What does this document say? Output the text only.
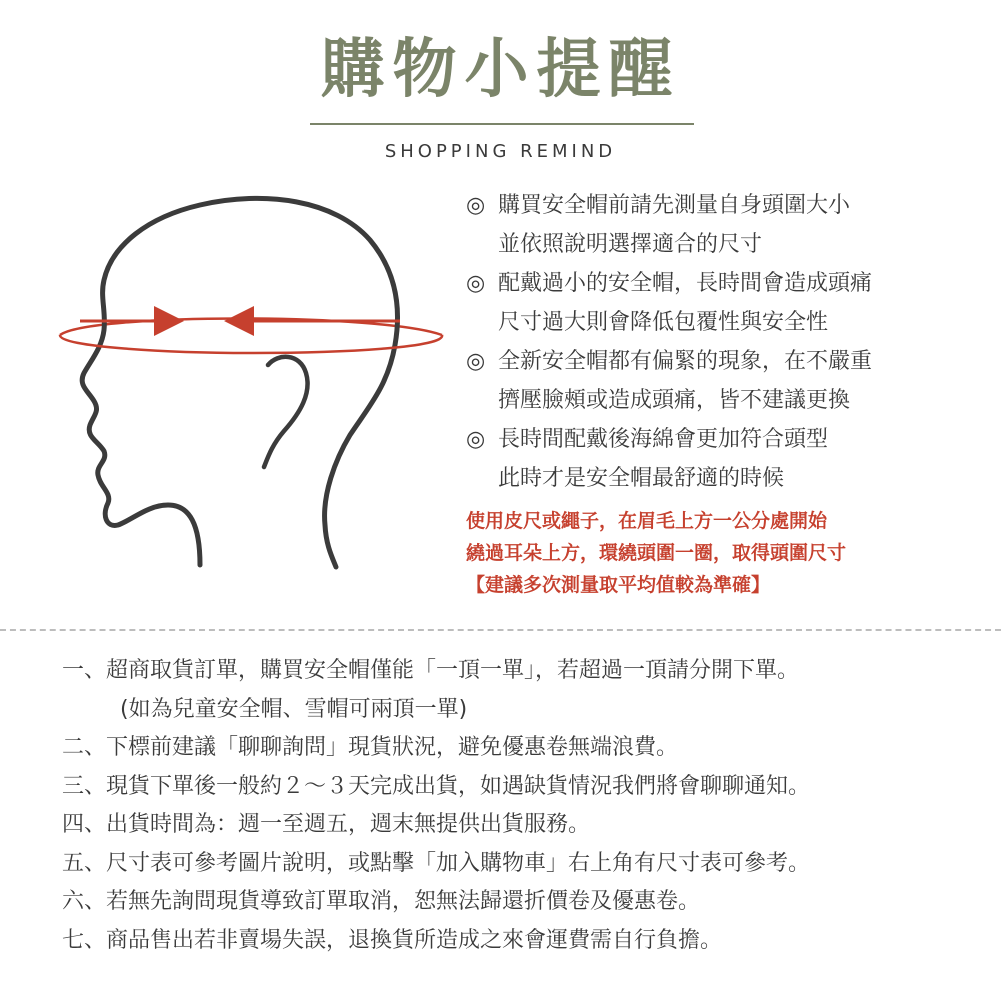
購物小提醒
SHOPPING REMIND
◎ 購買安全帽前請先測量自身頭圍大小
並依照說明選擇適合的尺寸
◎ 配戴過小的安全帽，長時間會造成頭痛
尺寸過大則會降低包覆性與安全性
◎ 全新安全帽都有偏緊的現象，在不嚴重
擠壓臉頰或造成頭痛，皆不建議更換
◎ 長時間配戴後海綿會更加符合頭型
此時才是安全帽最舒適的時候
使用皮尺或繩子，在眉毛上方一公分處開始
繞過耳朵上方，環繞頭圍一圈，取得頭圍尺寸
【建議多次測量取平均值較為準確】
一、超商取貨訂單，購買安全帽僅能「一頂一單」，若超過一頂請分開下單。
(如為兒童安全帽、雪帽可兩頂一單)
二、下標前建議「聊聊詢問」現貨狀況，避免優惠卷無端浪費。
三、現貨下單後一般約２～３天完成出貨，如遇缺貨情況我們將會聊聊通知。
四、出貨時間為：週一至週五，週末無提供出貨服務。
五、尺寸表可參考圖片說明，或點擊「加入購物車」右上角有尺寸表可參考。
六、若無先詢問現貨導致訂單取消，恕無法歸還折價卷及優惠卷。
七、商品售出若非賣場失誤，退換貨所造成之來會運費需自行負擔。
